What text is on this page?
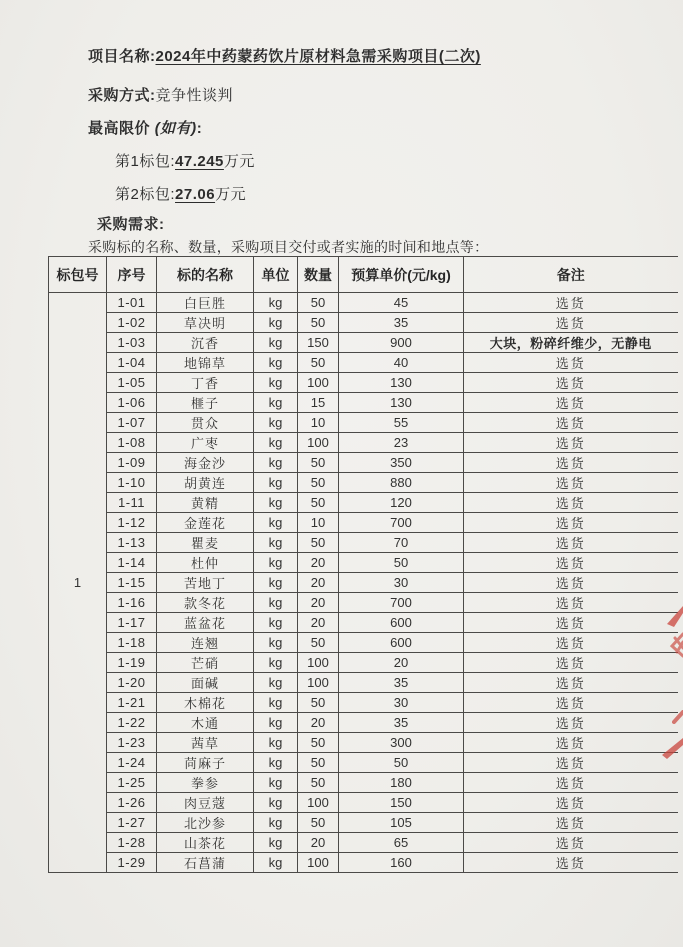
项目名称:2024年中药蒙药饮片原材料急需采购项目(二次)
采购方式:竞争性谈判
最高限价 (如有):
第1标包:47.245万元
第2标包:27.06万元
采购需求:
采购标的名称、数量，采购项目交付或者实施的时间和地点等：
标包号	序号	标的名称	单位	数量	预算单价(元/kg)	备注
1	1-01	白巨胜	kg	50	45	选货
	1-02	草决明	kg	50	35	选货
	1-03	沉香	kg	150	900	大块，粉碎纤维少，无静电
	1-04	地锦草	kg	50	40	选货
	1-05	丁香	kg	100	130	选货
	1-06	榧子	kg	15	130	选货
	1-07	贯众	kg	10	55	选货
	1-08	广枣	kg	100	23	选货
	1-09	海金沙	kg	50	350	选货
	1-10	胡黄连	kg	50	880	选货
	1-11	黄精	kg	50	120	选货
	1-12	金莲花	kg	10	700	选货
	1-13	瞿麦	kg	50	70	选货
	1-14	杜仲	kg	20	50	选货
	1-15	苦地丁	kg	20	30	选货
	1-16	款冬花	kg	20	700	选货
	1-17	蓝盆花	kg	20	600	选货
	1-18	连翘	kg	50	600	选货
	1-19	芒硝	kg	100	20	选货
	1-20	面碱	kg	100	35	选货
	1-21	木棉花	kg	50	30	选货
	1-22	木通	kg	20	35	选货
	1-23	茜草	kg	50	300	选货
	1-24	苘麻子	kg	50	50	选货
	1-25	拳参	kg	50	180	选货
	1-26	肉豆蔻	kg	100	150	选货
	1-27	北沙参	kg	50	105	选货
	1-28	山茶花	kg	20	65	选货
	1-29	石菖蒲	kg	100	160	选货
